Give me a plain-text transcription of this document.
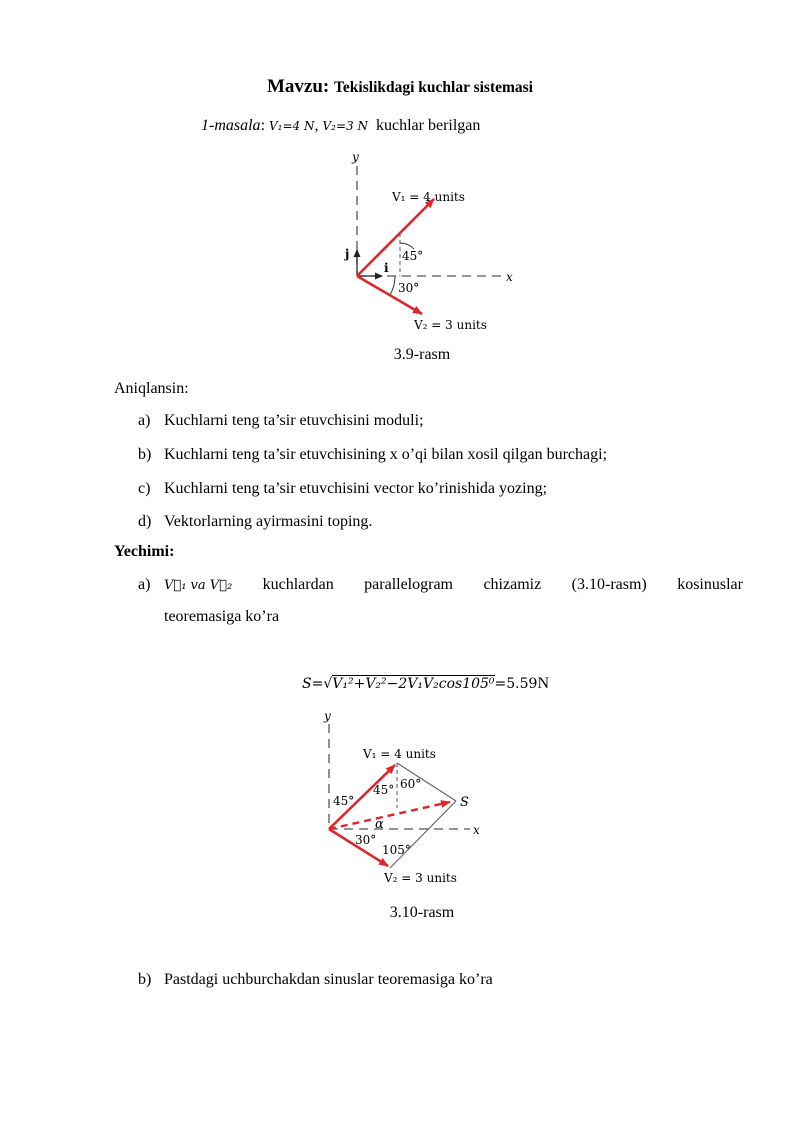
Mavzu: Tekislikdagi kuchlar sistemasi
1-masala: V₁=4 N, V₂=3 N kuchlar berilgan
y
x
j
i
45°
30°
V₁ = 4 units
V₂ = 3 units
3.9-rasm
Aniqlansin:
a) Kuchlarni teng ta’sir etuvchisini moduli;
b) Kuchlarni teng ta’sir etuvchisining x o’qi bilan xosil qilgan burchagi;
c) Kuchlarni teng ta’sir etuvchisini vector ko’rinishida yozing;
d) Vektorlarning ayirmasini toping.
Yechimi:
a) V⃗₁ va V⃗₂ kuchlardan parallelogram chizamiz (3.10-rasm) kosinuslar
teoremasiga ko’ra
S=√V₁²+V₂²−2V₁V₂cos105⁰=5.59N
y
x
V₁ = 4 units
V₂ = 3 units
S
45°
45° 60°
α
30°
105°
3.10-rasm
b) Pastdagi uchburchakdan sinuslar teoremasiga ko’ra
